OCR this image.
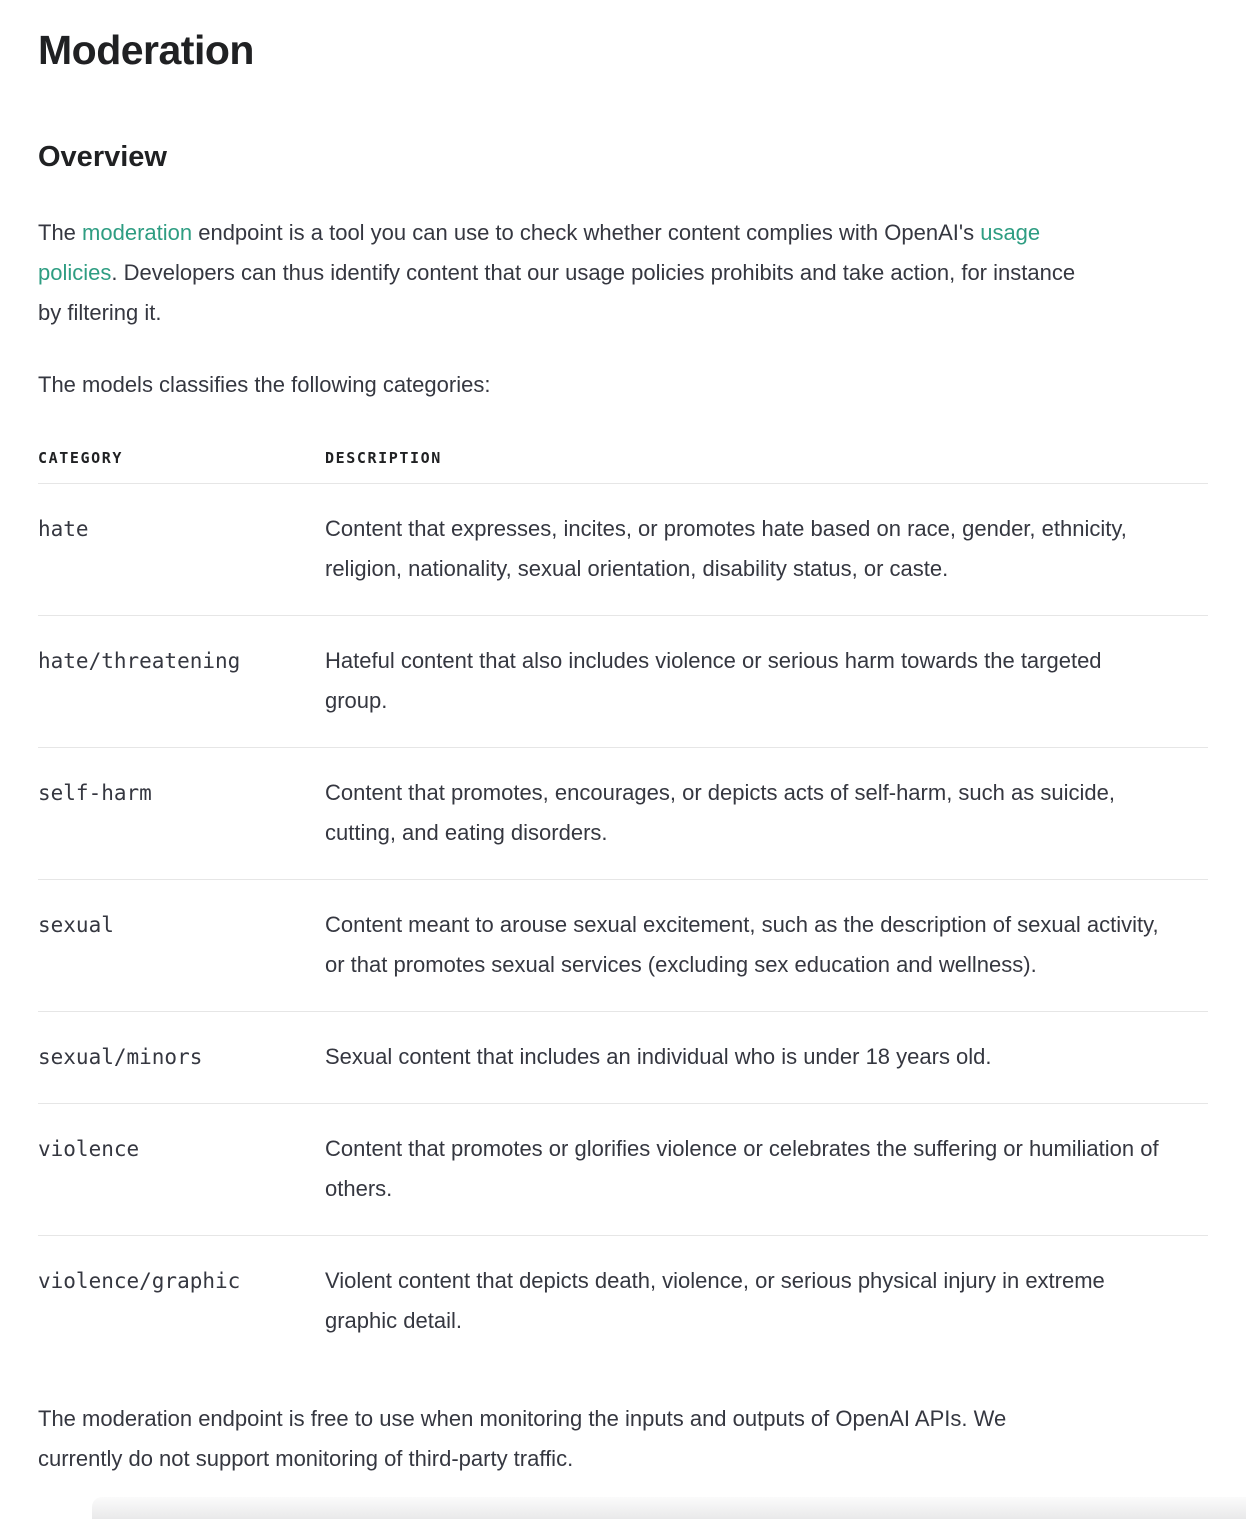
Moderation
Overview

The moderation endpoint is a tool you can use to check whether content complies with OpenAI's usage policies. Developers can thus identify content that our usage policies prohibits and take action, for instance by filtering it.

The models classifies the following categories:

CATEGORY	DESCRIPTION
hate	Content that expresses, incites, or promotes hate based on race, gender, ethnicity, religion, nationality, sexual orientation, disability status, or caste.

hate/threatening	Hateful content that also includes violence or serious harm towards the targeted group.

self-harm	Content that promotes, encourages, or depicts acts of self-harm, such as suicide, cutting, and eating disorders.

sexual	Content meant to arouse sexual excitement, such as the description of sexual activity, or that promotes sexual services (excluding sex education and wellness).

sexual/minors	Sexual content that includes an individual who is under 18 years old.

violence	Content that promotes or glorifies violence or celebrates the suffering or humiliation of others.

violence/graphic	Violent content that depicts death, violence, or serious physical injury in extreme graphic detail.

The moderation endpoint is free to use when monitoring the inputs and outputs of OpenAI APIs. We currently do not support monitoring of third-party traffic.
